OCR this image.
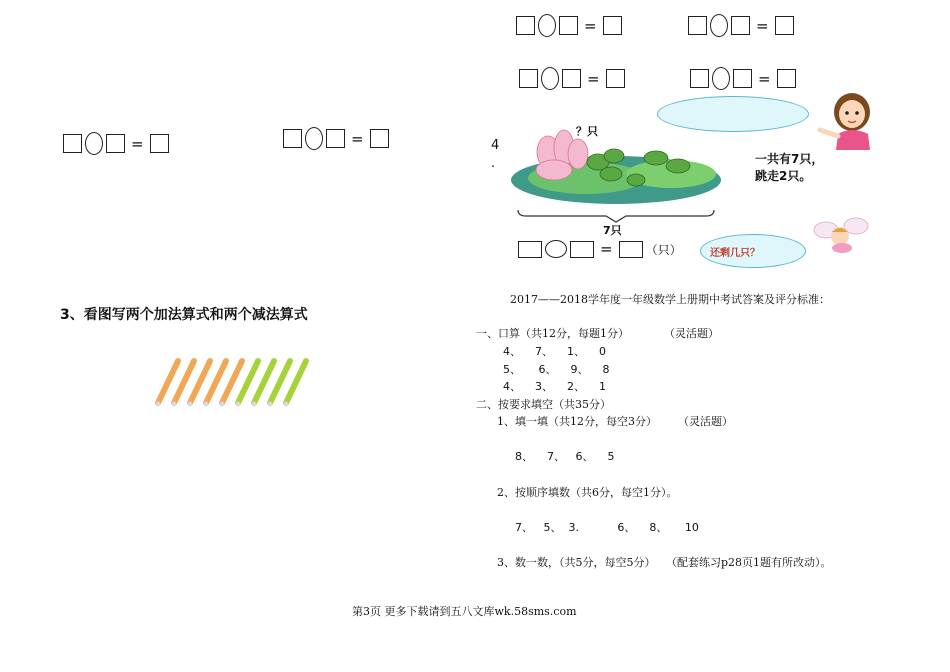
=	=
=	=
=	=
3、看图写两个加法算式和两个减法算式
4
.
？只
7只
一共有7只，
跳走2只。
=	（只）	还剩几只？
2017——2018学年度一年级数学上册期中考试答案及评分标准：
一、口算（共12分，每题1分）          （灵活题）
4、    7、    1、    0
5、     6、    9、    8
4、    3、    2、    1
二、按要求填空（共35分）
1、填一填（共12分，每空3分）      （灵活题）
8、    7、   6、    5
2、按顺序填数（共6分，每空1分）。
7、   5、  3.           6、    8、     10
3、数一数，（共5分，每空5分）   （配套练习p28页1题有所改动）。
第3页 更多下载请到五八文库wk.58sms.com
